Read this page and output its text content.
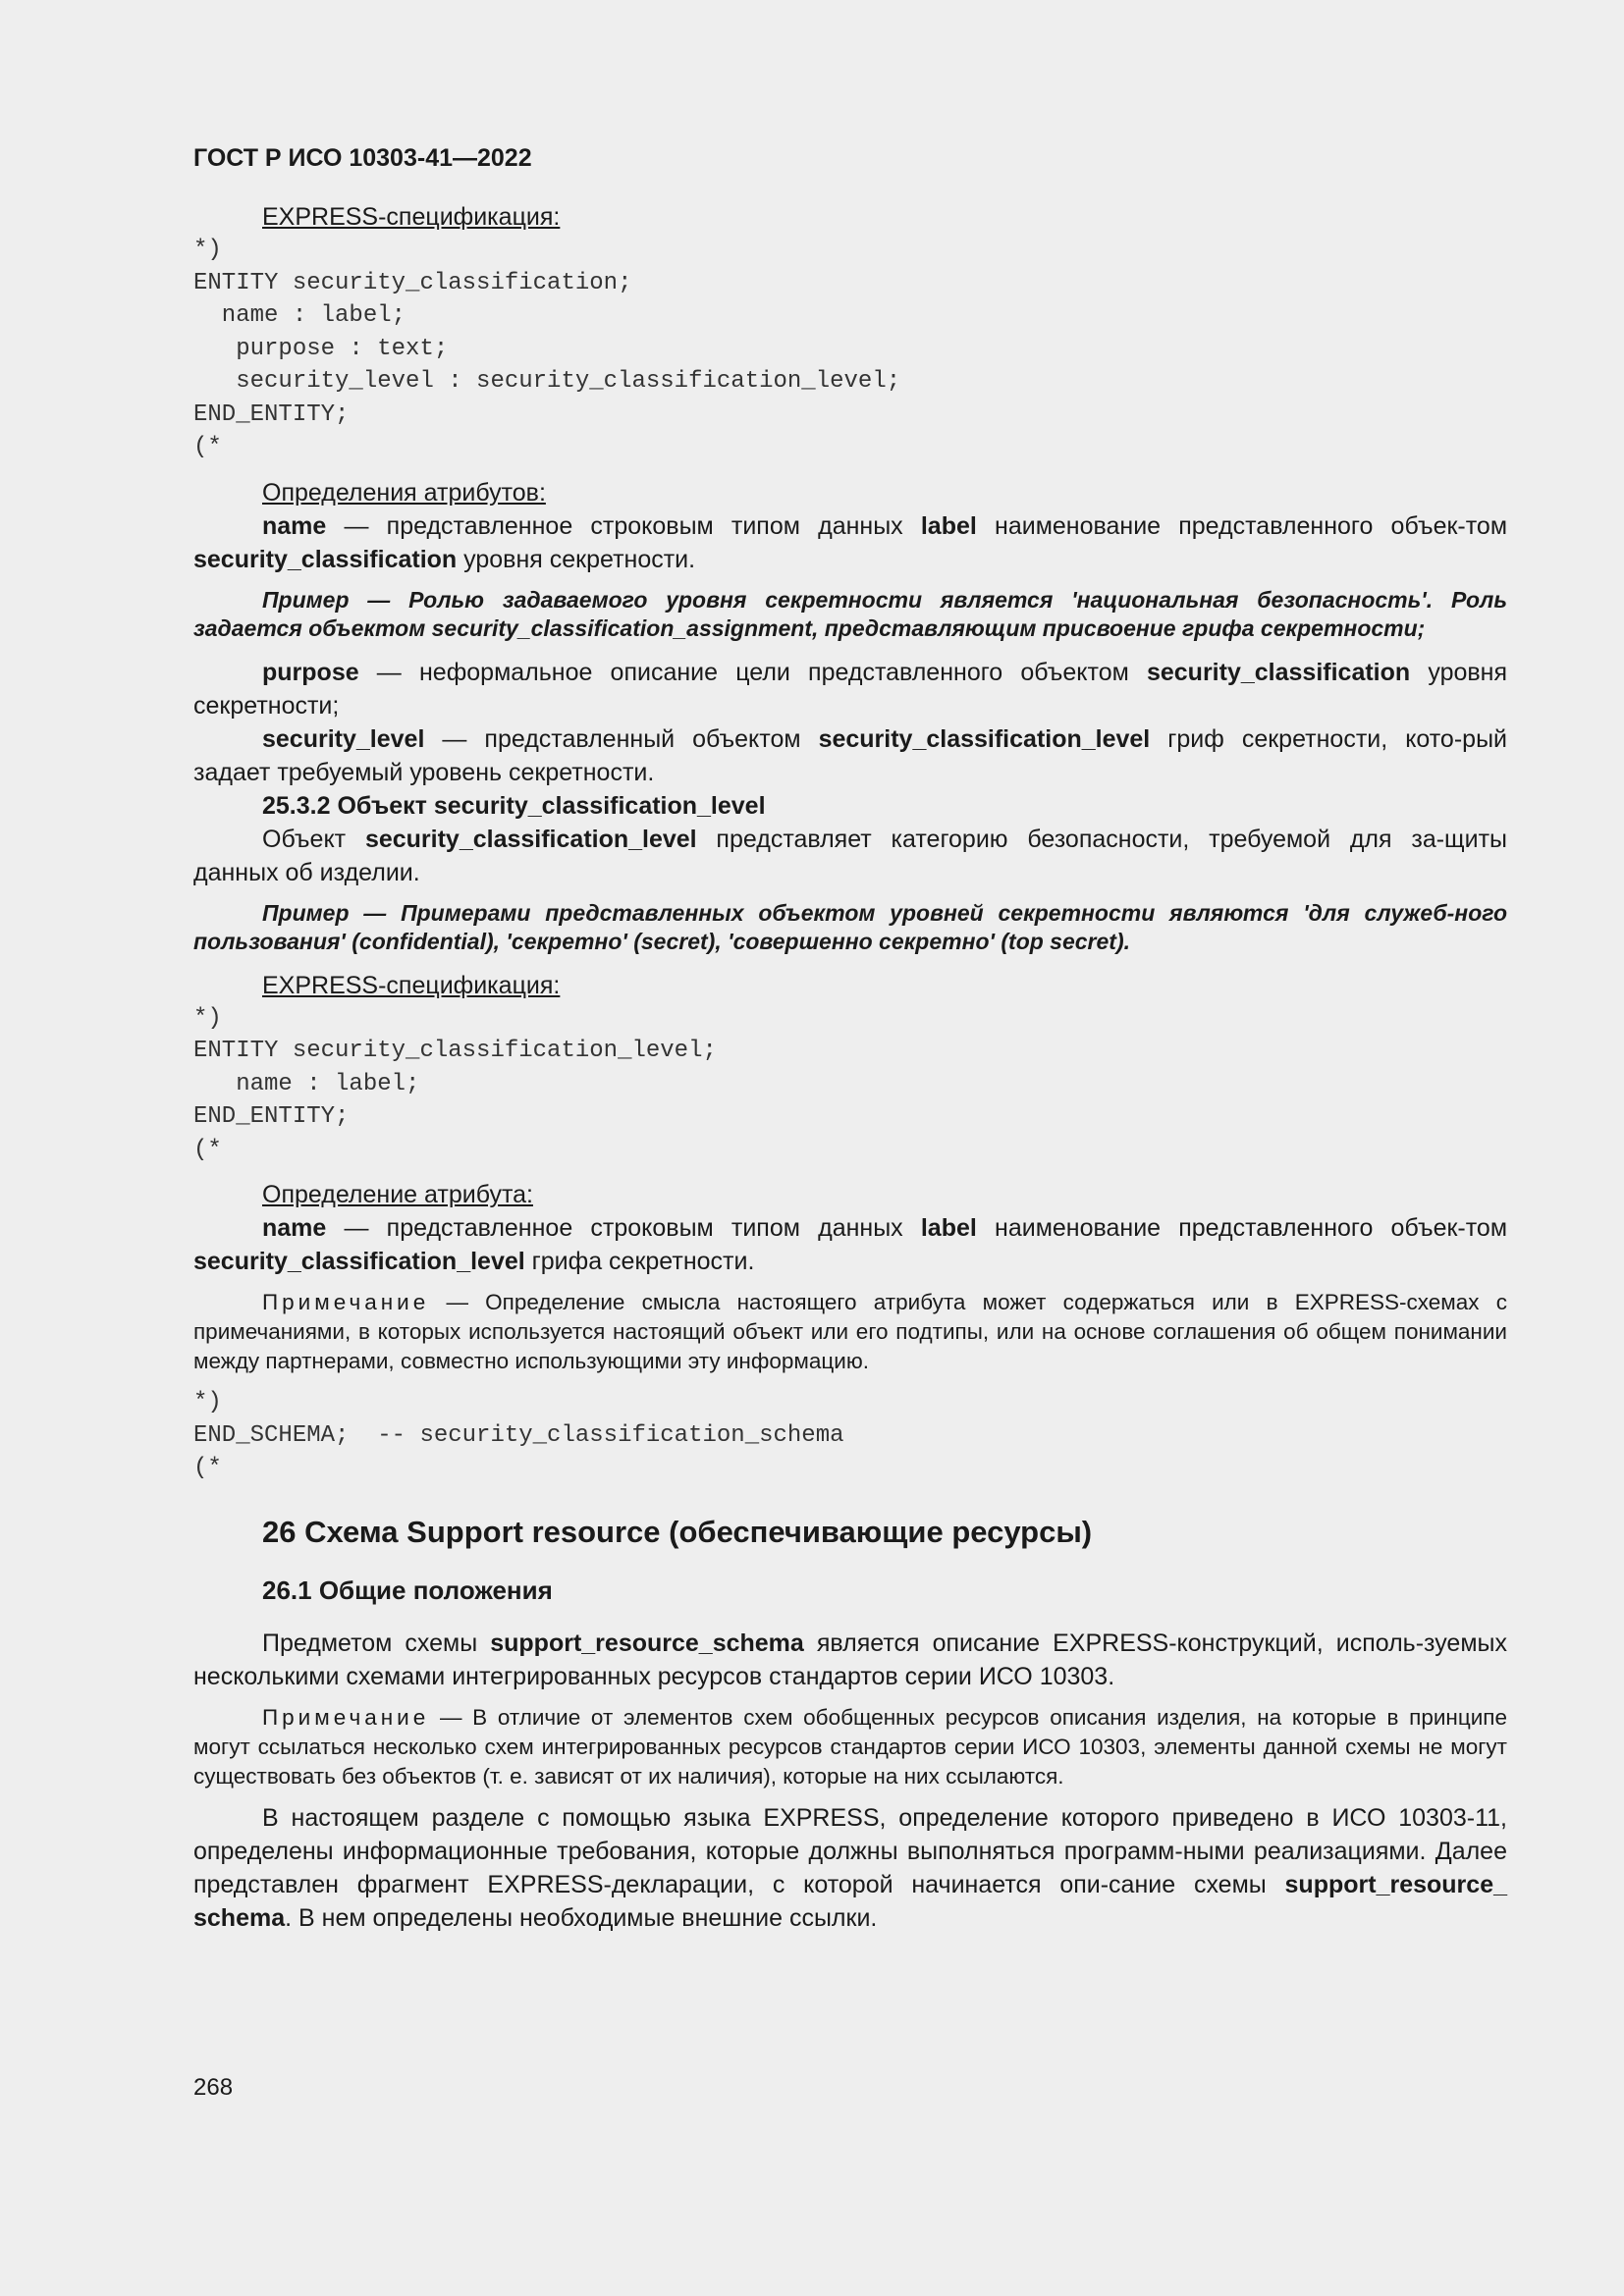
ГОСТ Р ИСО 10303-41—2022

EXPRESS-спецификация:

*)
ENTITY security_classification;
name : label;
purpose : text;
security_level : security_classification_level;
END_ENTITY;
(*

Определения атрибутов:

name — представленное строковым типом данных label наименование представленного объек-том security_classification уровня секретности.

Пример — Ролью задаваемого уровня секретности является 'национальная безопасность'. Роль задается объектом security_classification_assignment, представляющим присвоение грифа секретности;

purpose — неформальное описание цели представленного объектом security_classification уровня секретности;

security_level — представленный объектом security_classification_level гриф секретности, кото-рый задает требуемый уровень секретности.

25.3.2 Объект security_classification_level

Объект security_classification_level представляет категорию безопасности, требуемой для за-щиты данных об изделии.

Пример — Примерами представленных объектом уровней секретности являются 'для служеб-ного пользования' (confidential), 'секретно' (secret), 'совершенно секретно' (top secret).

EXPRESS-спецификация:

*)
ENTITY security_classification_level;
name : label;
END_ENTITY;
(*

Определение атрибута:

name — представленное строковым типом данных label наименование представленного объек-том security_classification_level грифа секретности.

Примечание — Определение смысла настоящего атрибута может содержаться или в EXPRESS-схемах с примечаниями, в которых используется настоящий объект или его подтипы, или на основе соглашения об общем понимании между партнерами, совместно использующими эту информацию.

*)
END_SCHEMA;  -- security_classification_schema
(*
26 Схема Support resource (обеспечивающие ресурсы)
26.1 Общие положения

Предметом схемы support_resource_schema является описание EXPRESS-конструкций, исполь-зуемых несколькими схемами интегрированных ресурсов стандартов серии ИСО 10303.

Примечание — В отличие от элементов схем обобщенных ресурсов описания изделия, на которые в принципе могут ссылаться несколько схем интегрированных ресурсов стандартов серии ИСО 10303, элементы данной схемы не могут существовать без объектов (т. е. зависят от их наличия), которые на них ссылаются.

В настоящем разделе с помощью языка EXPRESS, определение которого приведено в ИСО 10303-11, определены информационные требования, которые должны выполняться программ-ными реализациями. Далее представлен фрагмент EXPRESS-декларации, с которой начинается опи-сание схемы support_resource_ schema. В нем определены необходимые внешние ссылки.

268
